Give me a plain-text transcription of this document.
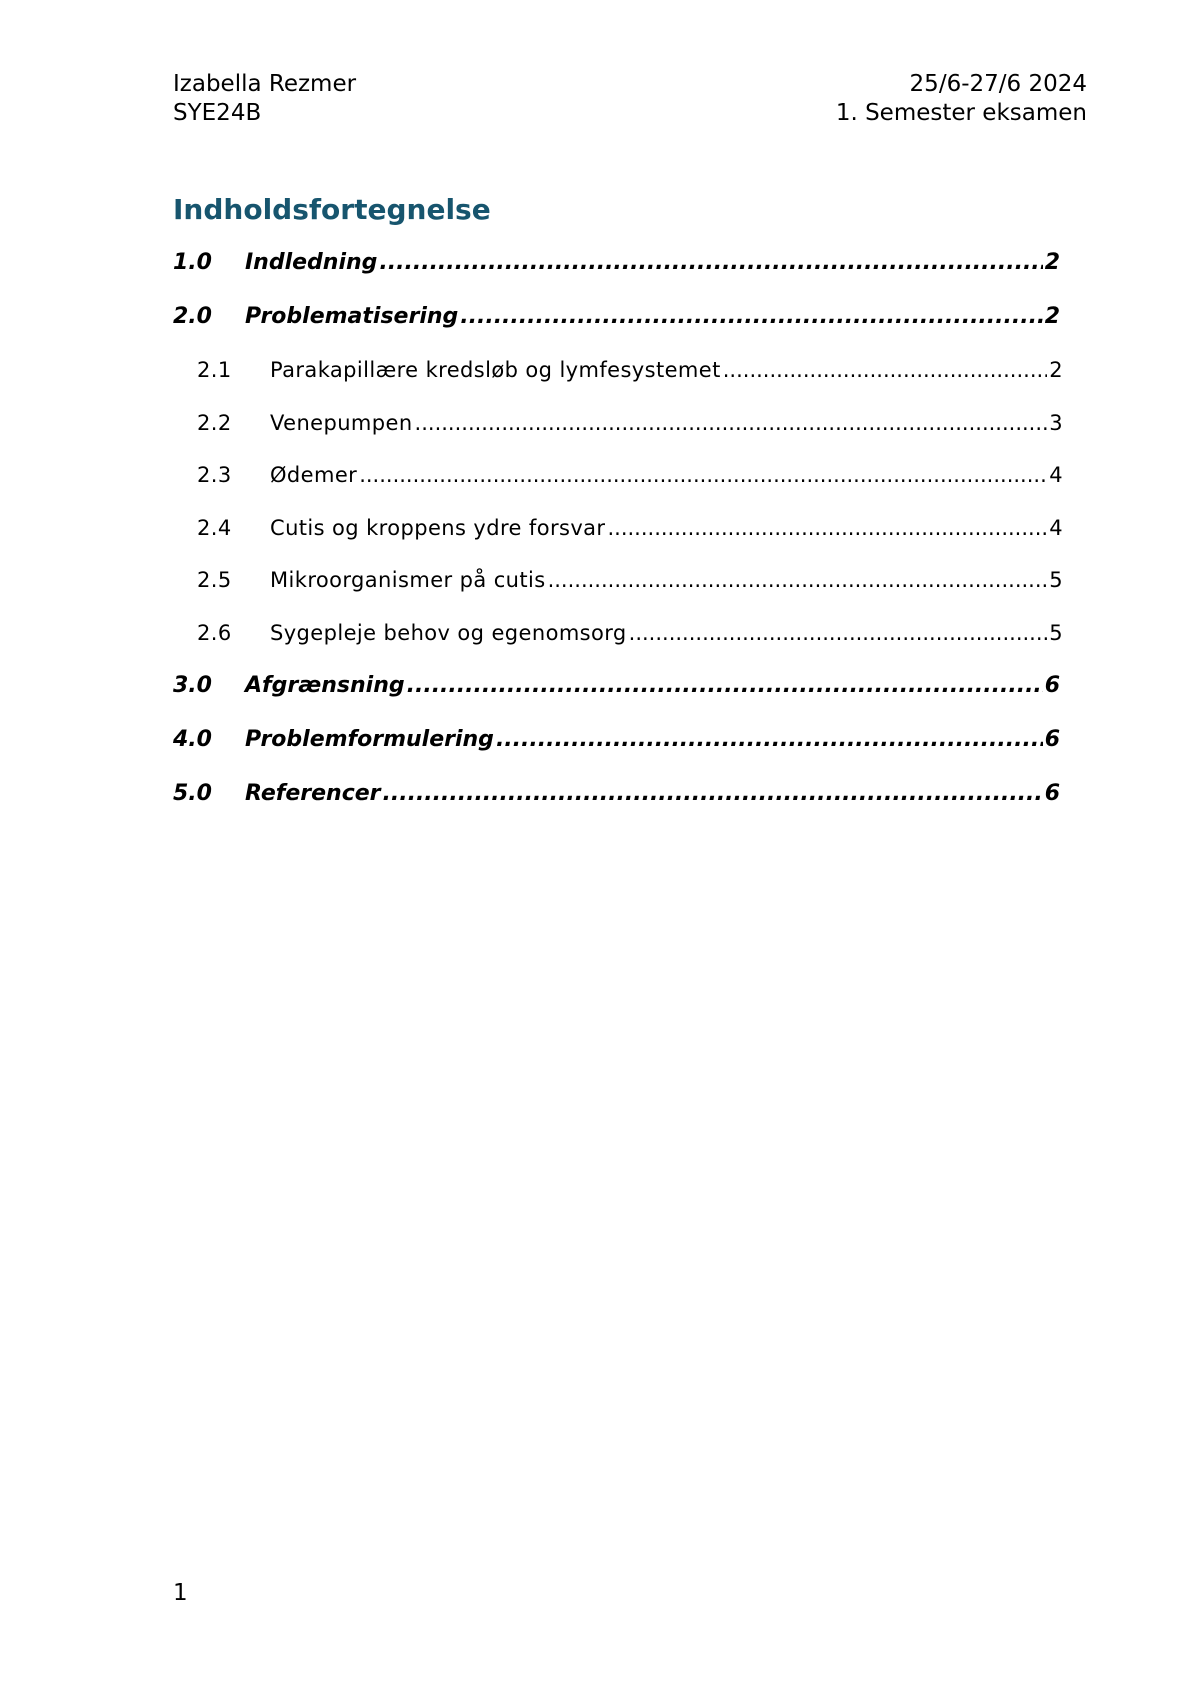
Izabella Rezmer
SYE24B
25/6-27/6 2024
1. Semester eksamen
Indholdsfortegnelse
1.0	Indledning .....	2
2.0	Problematisering .....	2
2.1	Parakapillære kredsløb og lymfesystemet .....	2
2.2	Venepumpen .....	3
2.3	Ødemer .....	4
2.4	Cutis og kroppens ydre forsvar .....	4
2.5	Mikroorganismer på cutis .....	5
2.6	Sygepleje behov og egenomsorg .....	5
3.0	Afgrænsning .....	6
4.0	Problemformulering .....	6
5.0	Referencer .....	6
1
